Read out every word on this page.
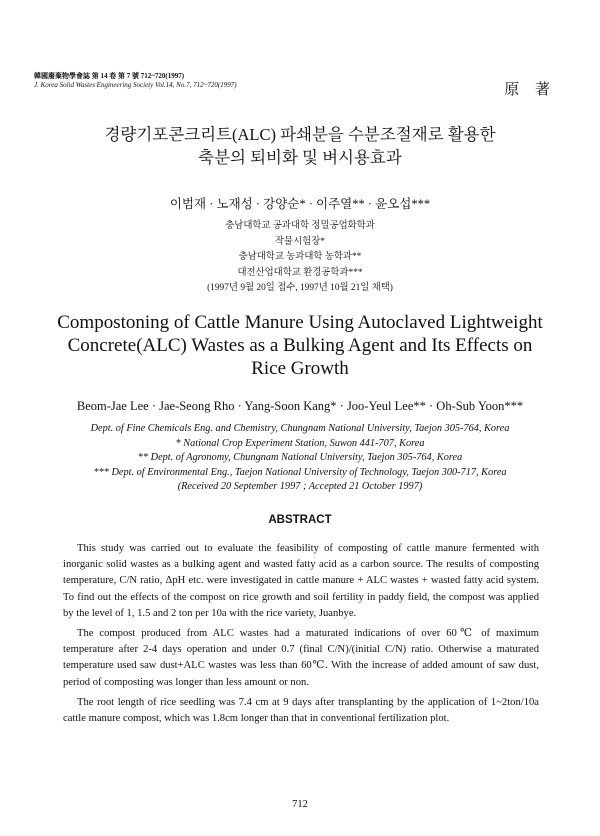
韓國廢棄物學會誌 第 14 卷 第 7 號 712~720(1997)
J. Korea Solid Wastes Engineering Society Vol.14, No.7, 712~720(1997)	原 著
경량기포콘크리트(ALC) 파쇄분을 수분조절재로 활용한
축분의 퇴비화 및 벼시용효과
이범재 · 노재성 · 강양순* · 이주열** · 윤오섭***
충남대학교 공과대학 정밀공업화학과
작물시험장*
충남대학교 농과대학 농학과**
대전산업대학교 환경공학과***
(1997년 9월 20일 접수, 1997년 10월 21일 채택)
Compostoning of Cattle Manure Using Autoclaved Lightweight
Concrete(ALC) Wastes as a Bulking Agent and Its Effects on
Rice Growth
Beom-Jae Lee · Jae-Seong Rho · Yang-Soon Kang* · Joo-Yeul Lee** · Oh-Sub Yoon***
Dept. of Fine Chemicals Eng. and Chemistry, Chungnam National University, Taejon 305-764, Korea
* National Crop Experiment Station, Suwon 441-707, Korea
** Dept. of Agronomy, Chungnam National University, Taejon 305-764, Korea
*** Dept. of Environmental Eng., Taejon National University of Technology, Taejon 300-717, Korea
(Received 20 September 1997 ; Accepted 21 October 1997)
ABSTRACT

This study was carried out to evaluate the feasibility of composting of cattle manure fermented with inorganic solid wastes as a bulking agent and wasted fatty acid as a carbon source. The results of composting temperature, C/N ratio, ΔpH etc. were investigated in cattle manure + ALC wastes + wasted fatty acid system. To find out the effects of the compost on rice growth and soil fertility in paddy field, the compost was applied by the level of 1, 1.5 and 2 ton per 10a with the rice variety, Juanbye.

The compost produced from ALC wastes had a maturated indications of over 60℃ of maximum temperature after 2-4 days operation and under 0.7 (final C/N)/(initial C/N) ratio. Otherwise a maturated temperature used saw dust+ALC wastes was less than 60℃. With the increase of added amount of saw dust, period of composting was longer than less amount or non.

The root length of rice seedling was 7.4 cm at 9 days after transplanting by the application of 1~2ton/10a cattle manure compost, which was 1.8cm longer than that in conventional fertilization plot.

712
